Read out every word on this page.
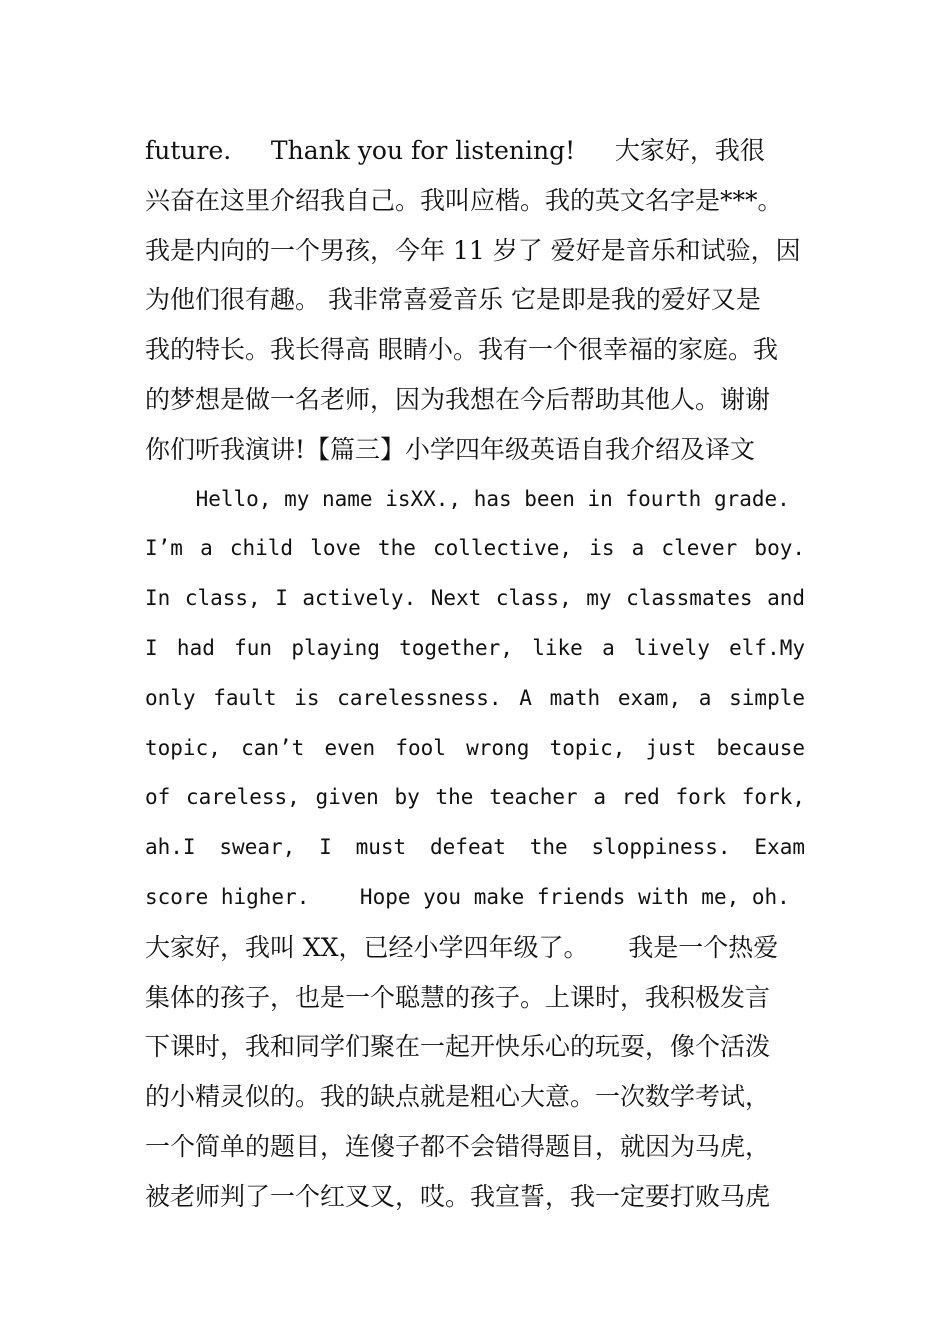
future.     Thank you for listening!     大家好，我很
兴奋在这里介绍我自己。我叫应楷。我的英文名字是***。
我是内向的一个男孩，今年 11 岁了 爱好是音乐和试验，因
为他们很有趣。 我非常喜爱音乐 它是即是我的爱好又是
我的特长。我长得高 眼睛小。我有一个很幸福的家庭。我
的梦想是做一名老师，因为我想在今后帮助其他人。谢谢
你们听我演讲!【篇三】小学四年级英语自我介绍及译文
Hello, my name isXX., has been in fourth grade.
I’m a child love the collective, is a clever boy.
In class, I actively. Next class, my classmates and
I had fun playing together, like a lively elf.My
only fault is carelessness. A math exam, a simple
topic, can’t even fool wrong topic, just because
of careless, given by the teacher a red fork fork,
ah.I swear, I must defeat the sloppiness. Exam
score higher.    Hope you make friends with me, oh.
大家好，我叫 XX，已经小学四年级了。     我是一个热爱
集体的孩子，也是一个聪慧的孩子。上课时，我积极发言
下课时，我和同学们聚在一起开快乐心的玩耍，像个活泼
的小精灵似的。我的缺点就是粗心大意。一次数学考试，
一个简单的题目，连傻子都不会错得题目，就因为马虎，
被老师判了一个红叉叉，哎。我宣誓，我一定要打败马虎
